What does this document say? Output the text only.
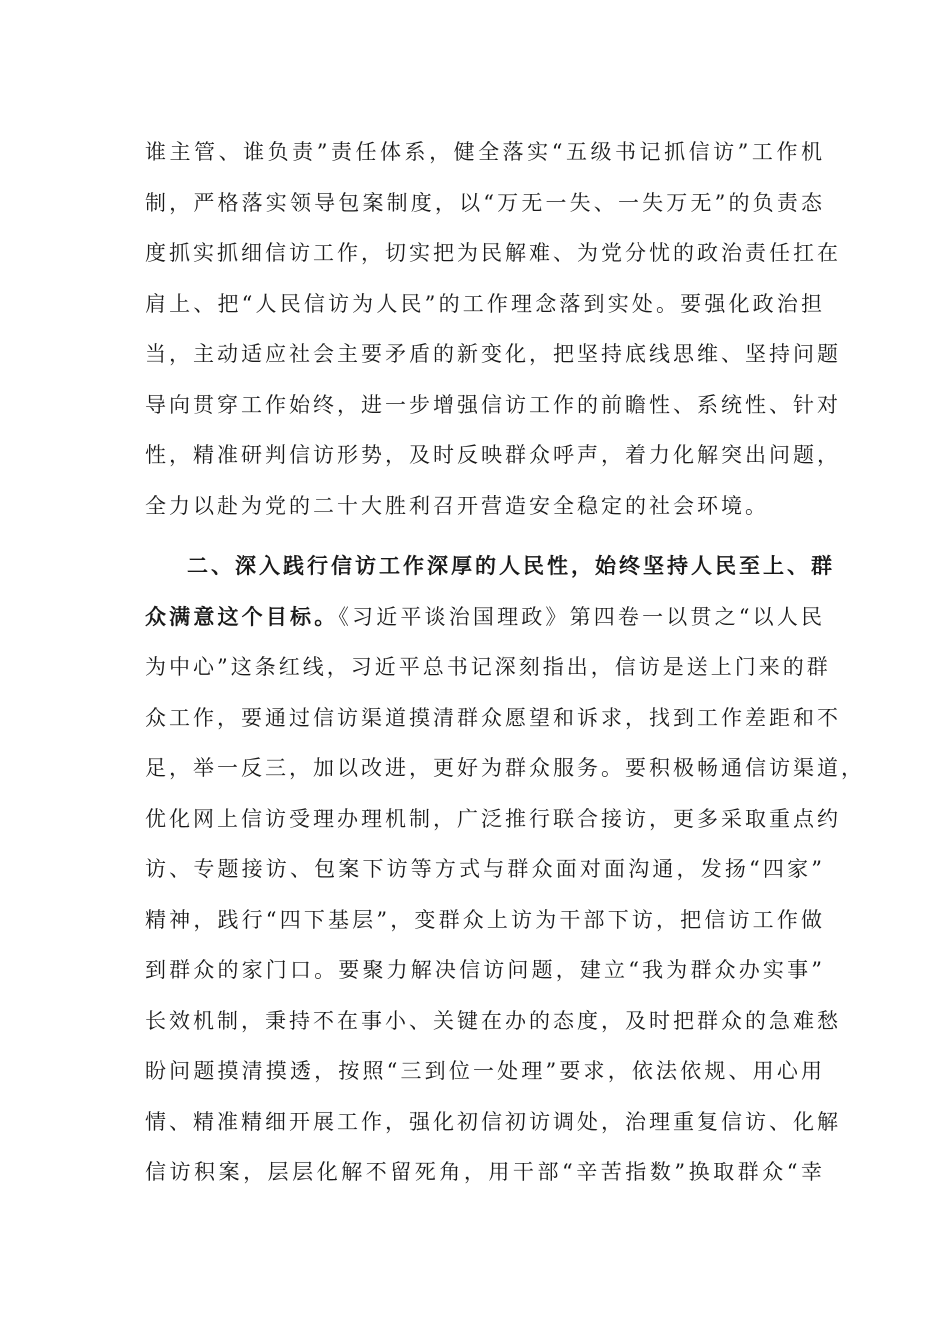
谁主管、谁负责”责任体系，健全落实“五级书记抓信访”工作机
制，严格落实领导包案制度，以“万无一失、一失万无”的负责态
度抓实抓细信访工作，切实把为民解难、为党分忧的政治责任扛在
肩上、把“人民信访为人民”的工作理念落到实处。要强化政治担
当，主动适应社会主要矛盾的新变化，把坚持底线思维、坚持问题
导向贯穿工作始终，进一步增强信访工作的前瞻性、系统性、针对
性，精准研判信访形势，及时反映群众呼声，着力化解突出问题，
全力以赴为党的二十大胜利召开营造安全稳定的社会环境。
二、深入践行信访工作深厚的人民性，始终坚持人民至上、群
众满意这个目标。《习近平谈治国理政》第四卷一以贯之“以人民
为中心”这条红线，习近平总书记深刻指出，信访是送上门来的群
众工作，要通过信访渠道摸清群众愿望和诉求，找到工作差距和不
足，举一反三，加以改进，更好为群众服务。要积极畅通信访渠道，
优化网上信访受理办理机制，广泛推行联合接访，更多采取重点约
访、专题接访、包案下访等方式与群众面对面沟通，发扬“四家”
精神，践行“四下基层”，变群众上访为干部下访，把信访工作做
到群众的家门口。要聚力解决信访问题，建立“我为群众办实事”
长效机制，秉持不在事小、关键在办的态度，及时把群众的急难愁
盼问题摸清摸透，按照“三到位一处理”要求，依法依规、用心用
情、精准精细开展工作，强化初信初访调处，治理重复信访、化解
信访积案，层层化解不留死角，用干部“辛苦指数”换取群众“幸
